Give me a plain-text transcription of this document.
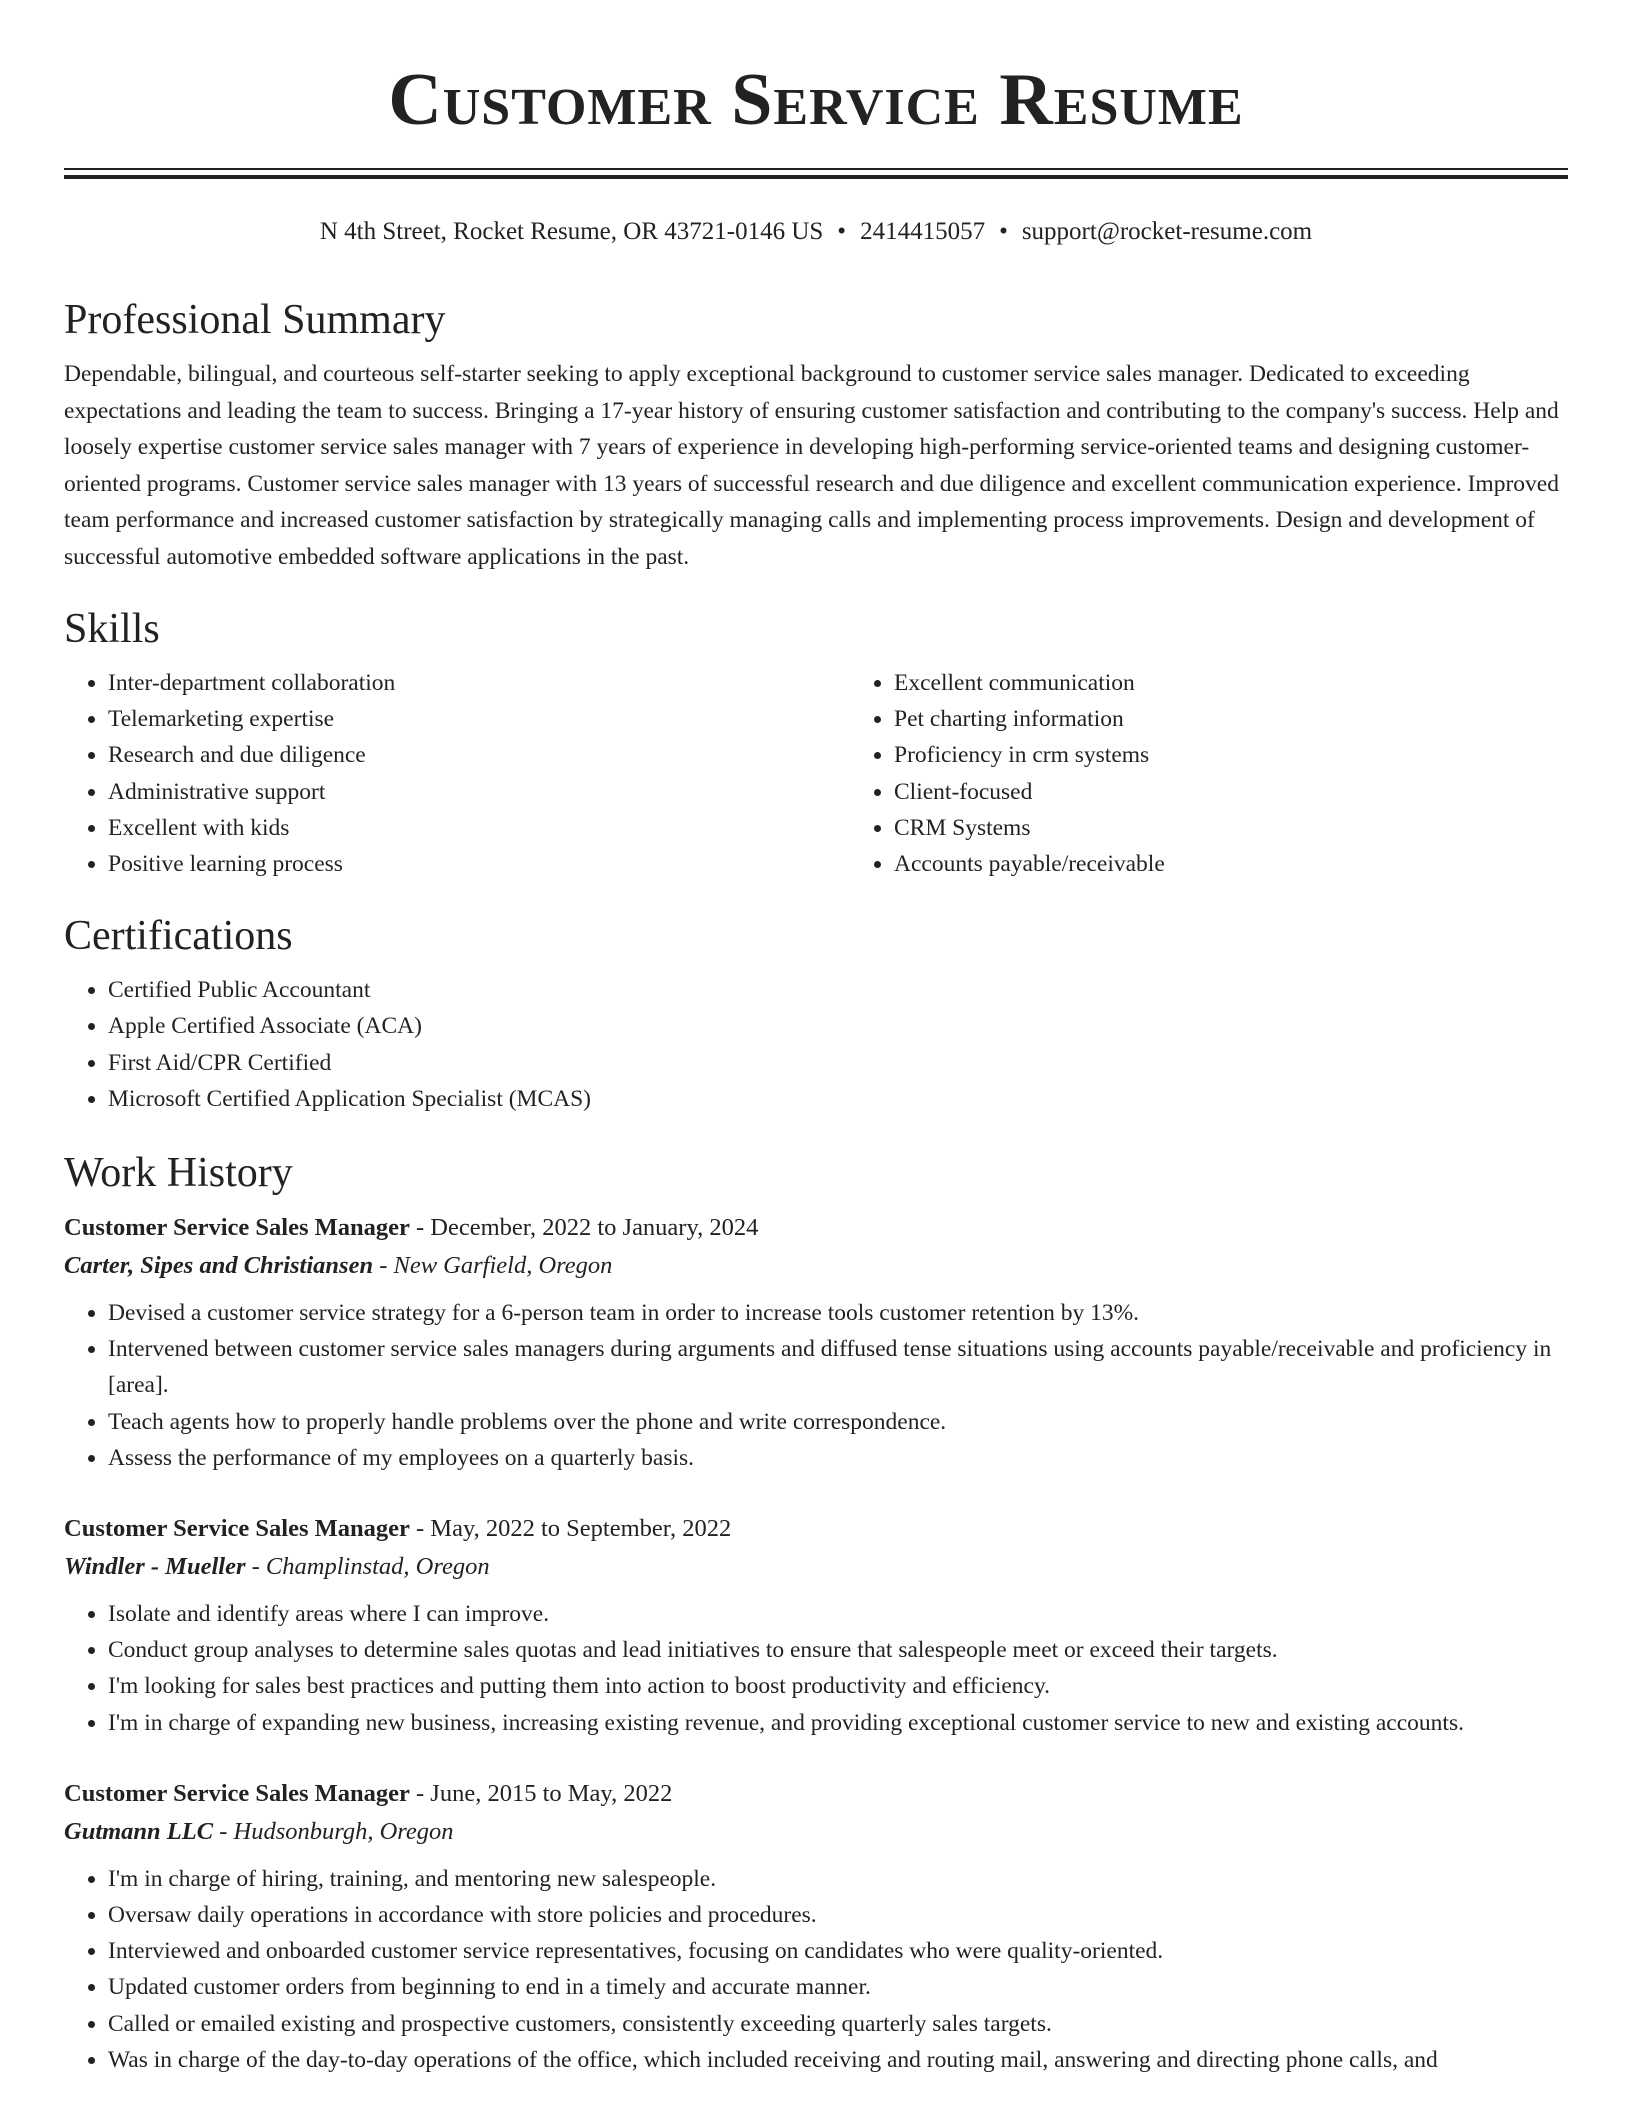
Customer Service Resume
N 4th Street, Rocket Resume, OR 43721-0146 US • 2414415057 • support@rocket-resume.com
Professional Summary

Dependable, bilingual, and courteous self-starter seeking to apply exceptional background to customer service sales manager. Dedicated to exceeding expectations and leading the team to success. Bringing a 17-year history of ensuring customer satisfaction and contributing to the company's success. Help and loosely expertise customer service sales manager with 7 years of experience in developing high-performing service-oriented teams and designing customer-oriented programs. Customer service sales manager with 13 years of successful research and due diligence and excellent communication experience. Improved team performance and increased customer satisfaction by strategically managing calls and implementing process improvements. Design and development of successful automotive embedded software applications in the past.

Skills
• Inter-department collaboration
• Telemarketing expertise
• Research and due diligence
• Administrative support
• Excellent with kids
• Positive learning process
• Excellent communication
• Pet charting information
• Proficiency in crm systems
• Client-focused
• CRM Systems
• Accounts payable/receivable
Certifications
• Certified Public Accountant
• Apple Certified Associate (ACA)
• First Aid/CPR Certified
• Microsoft Certified Application Specialist (MCAS)
Work History
Customer Service Sales Manager - December, 2022 to January, 2024
Carter, Sipes and Christiansen - New Garfield, Oregon
• Devised a customer service strategy for a 6-person team in order to increase tools customer retention by 13%.
• Intervened between customer service sales managers during arguments and diffused tense situations using accounts payable/receivable and proficiency in [area].
• Teach agents how to properly handle problems over the phone and write correspondence.
• Assess the performance of my employees on a quarterly basis.
Customer Service Sales Manager - May, 2022 to September, 2022
Windler - Mueller - Champlinstad, Oregon
• Isolate and identify areas where I can improve.
• Conduct group analyses to determine sales quotas and lead initiatives to ensure that salespeople meet or exceed their targets.
• I'm looking for sales best practices and putting them into action to boost productivity and efficiency.
• I'm in charge of expanding new business, increasing existing revenue, and providing exceptional customer service to new and existing accounts.
Customer Service Sales Manager - June, 2015 to May, 2022
Gutmann LLC - Hudsonburgh, Oregon
• I'm in charge of hiring, training, and mentoring new salespeople.
• Oversaw daily operations in accordance with store policies and procedures.
• Interviewed and onboarded customer service representatives, focusing on candidates who were quality-oriented.
• Updated customer orders from beginning to end in a timely and accurate manner.
• Called or emailed existing and prospective customers, consistently exceeding quarterly sales targets.
• Was in charge of the day-to-day operations of the office, which included receiving and routing mail, answering and directing phone calls, and
